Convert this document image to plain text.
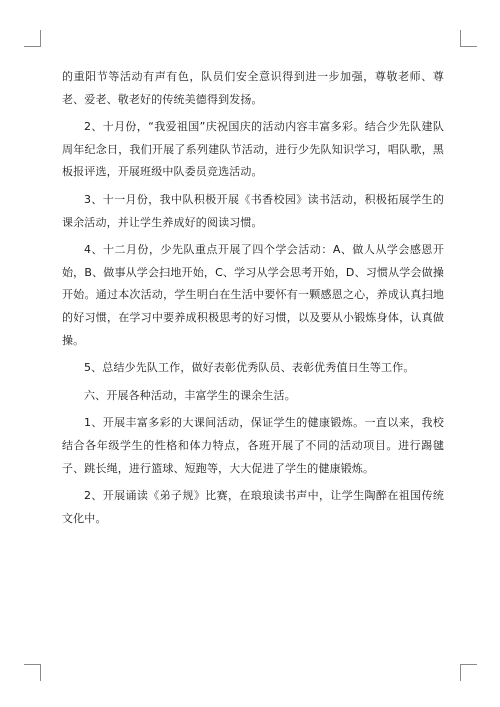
的重阳节等活动有声有色，队员们安全意识得到进一步加强，尊敬老师、尊老、爱老、敬老好的传统美德得到发扬。

2、十月份，“我爱祖国”庆祝国庆的活动内容丰富多彩。结合少先队建队周年纪念日，我们开展了系列建队节活动，进行少先队知识学习，唱队歌，黑板报评选，开展班级中队委员竞选活动。

3、十一月份，我中队积极开展《书香校园》读书活动，积极拓展学生的课余活动，并让学生养成好的阅读习惯。

4、十二月份，少先队重点开展了四个学会活动：A、做人从学会感恩开始，B、做事从学会扫地开始，C、学习从学会思考开始，D、习惯从学会做操开始。通过本次活动，学生明白在生活中要怀有一颗感恩之心，养成认真扫地的好习惯，在学习中要养成积极思考的好习惯，以及要从小锻炼身体，认真做操。

5、总结少先队工作，做好表彰优秀队员、表彰优秀值日生等工作。

六、开展各种活动，丰富学生的课余生活。

1、开展丰富多彩的大课间活动，保证学生的健康锻炼。一直以来，我校结合各年级学生的性格和体力特点，各班开展了不同的活动项目。进行踢毽子、跳长绳，进行篮球、短跑等，大大促进了学生的健康锻炼。

2、开展诵读《弟子规》比赛，在琅琅读书声中，让学生陶醉在祖国传统文化中。
